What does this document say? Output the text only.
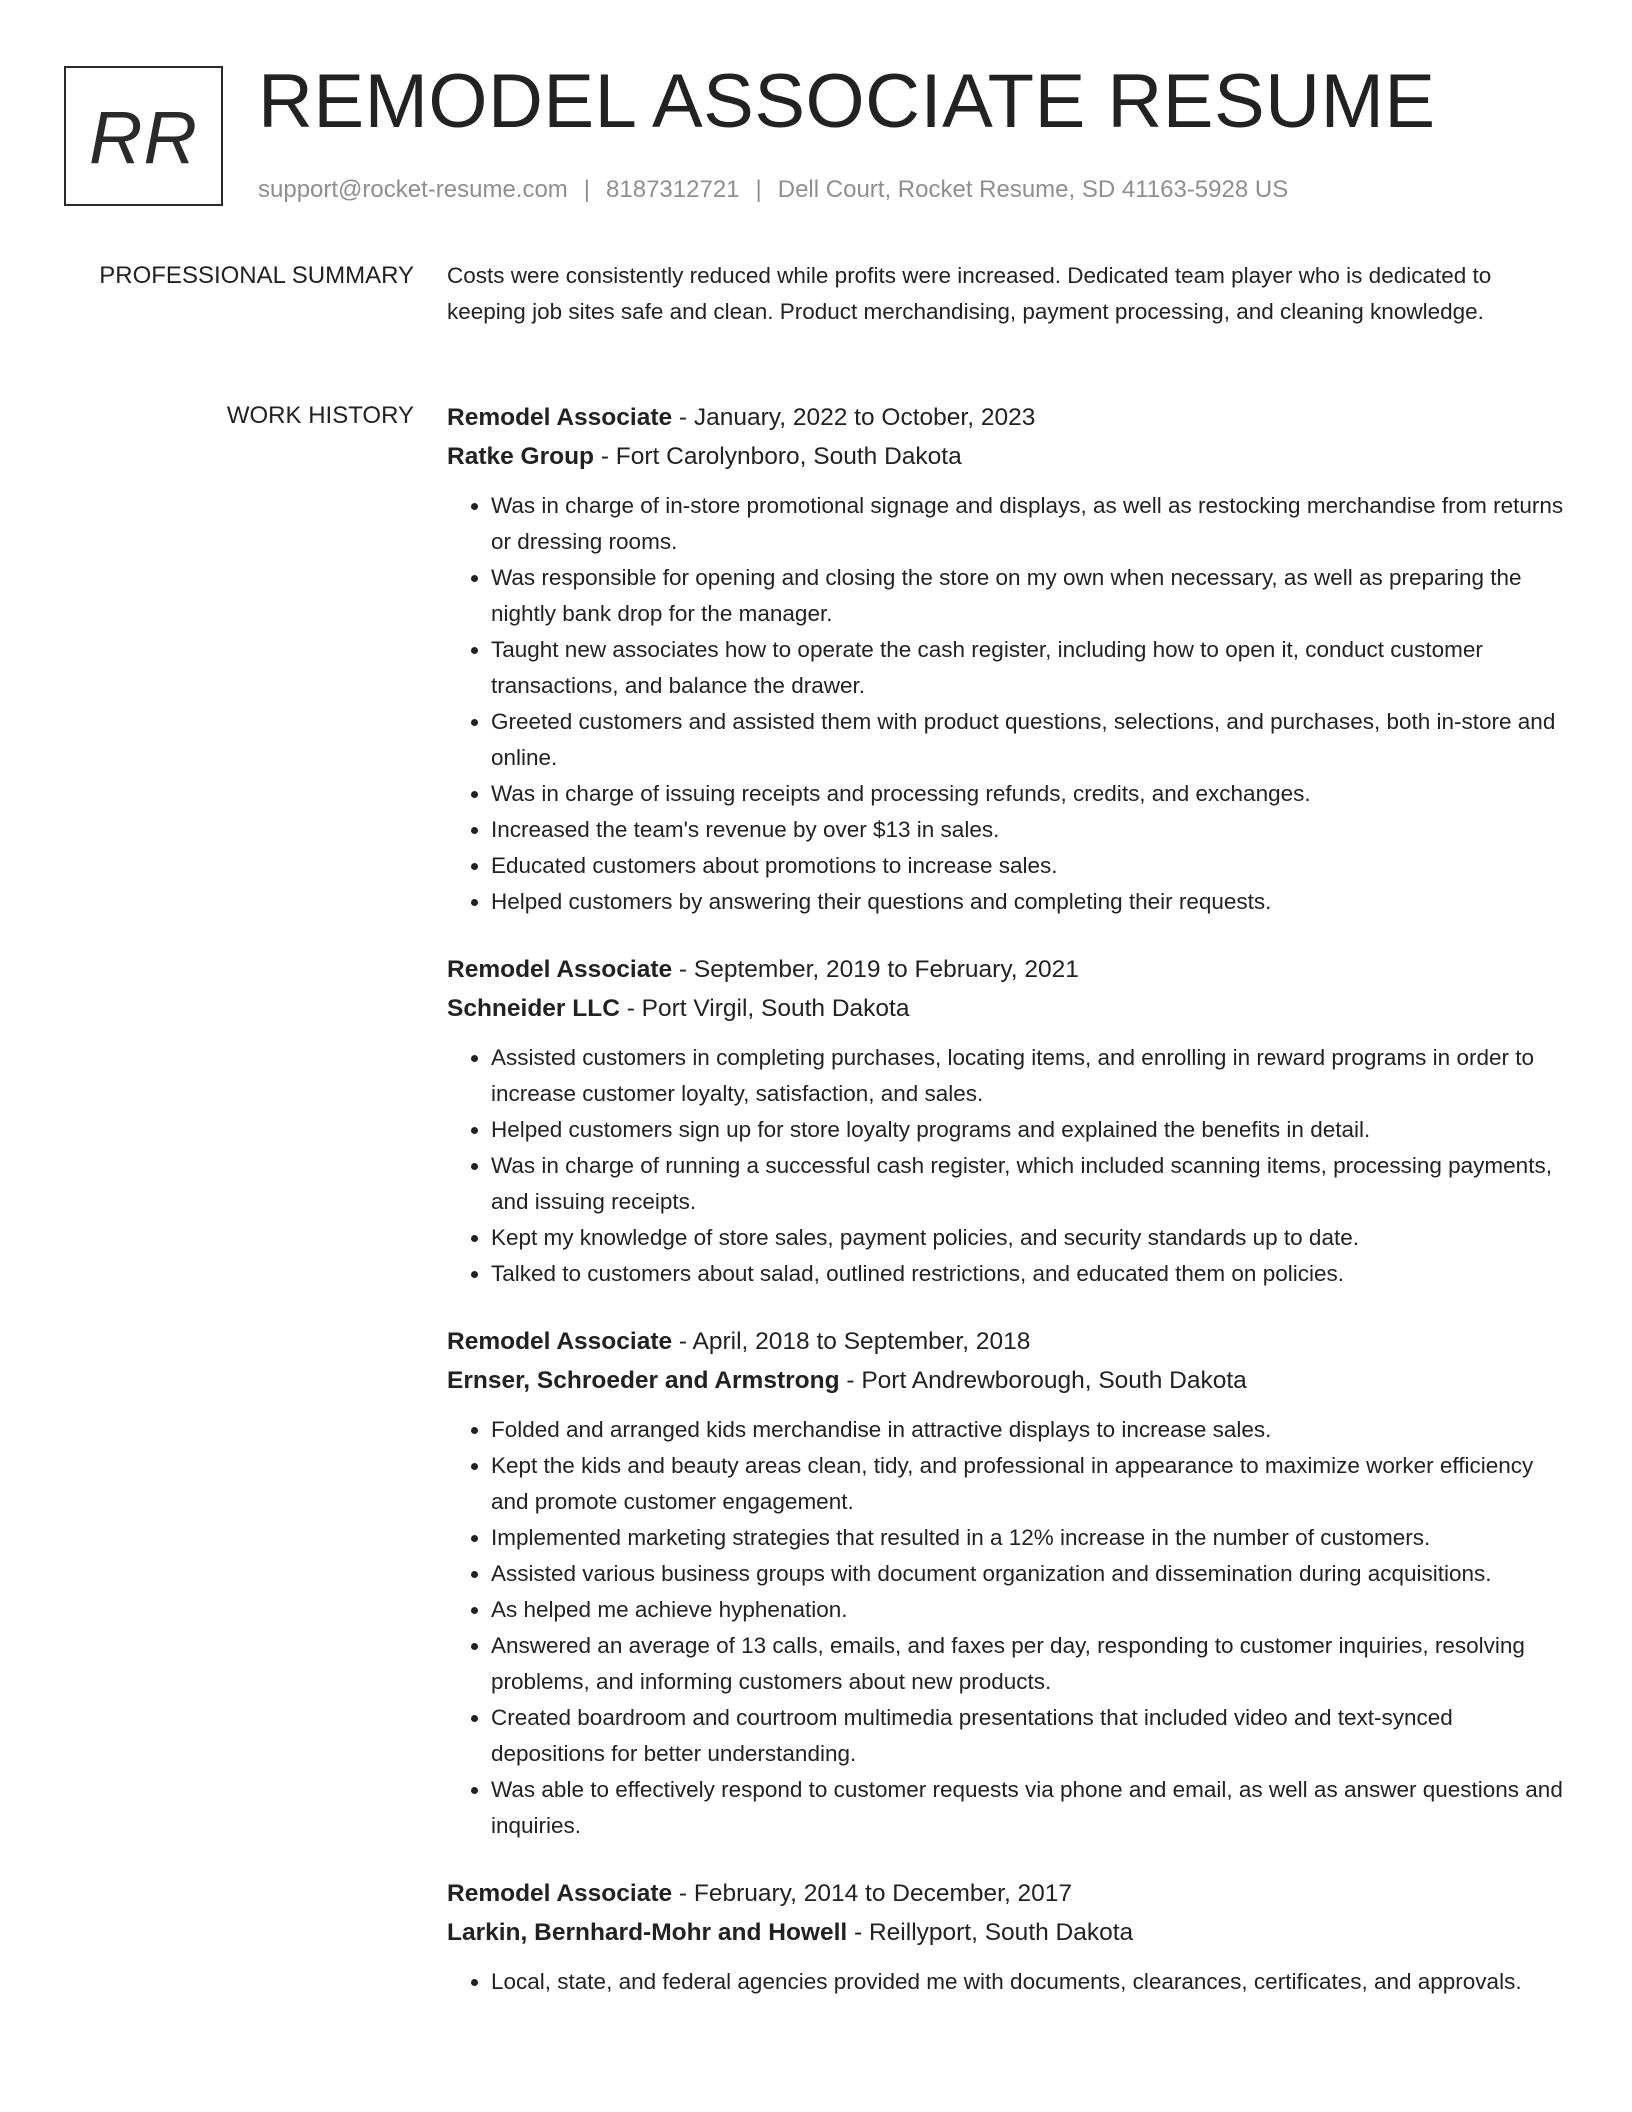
RR REMODEL ASSOCIATE RESUME
support@rocket-resume.com | 8187312721 | Dell Court, Rocket Resume, SD 41163-5928 US
PROFESSIONAL SUMMARY Costs were consistently reduced while profits were increased. Dedicated team player who is dedicated to keeping job sites safe and clean. Product merchandising, payment processing, and cleaning knowledge.

WORK HISTORY Remodel Associate - January, 2022 to October, 2023
Ratke Group - Fort Carolynboro, South Dakota
• Was in charge of in-store promotional signage and displays, as well as restocking merchandise from returns or dressing rooms.
• Was responsible for opening and closing the store on my own when necessary, as well as preparing the nightly bank drop for the manager.
• Taught new associates how to operate the cash register, including how to open it, conduct customer transactions, and balance the drawer.
• Greeted customers and assisted them with product questions, selections, and purchases, both in-store and online.
• Was in charge of issuing receipts and processing refunds, credits, and exchanges.
• Increased the team's revenue by over $13 in sales.
• Educated customers about promotions to increase sales.
• Helped customers by answering their questions and completing their requests.
Remodel Associate - September, 2019 to February, 2021
Schneider LLC - Port Virgil, South Dakota
• Assisted customers in completing purchases, locating items, and enrolling in reward programs in order to increase customer loyalty, satisfaction, and sales.
• Helped customers sign up for store loyalty programs and explained the benefits in detail.
• Was in charge of running a successful cash register, which included scanning items, processing payments, and issuing receipts.
• Kept my knowledge of store sales, payment policies, and security standards up to date.
• Talked to customers about salad, outlined restrictions, and educated them on policies.
Remodel Associate - April, 2018 to September, 2018
Ernser, Schroeder and Armstrong - Port Andrewborough, South Dakota
• Folded and arranged kids merchandise in attractive displays to increase sales.
• Kept the kids and beauty areas clean, tidy, and professional in appearance to maximize worker efficiency and promote customer engagement.
• Implemented marketing strategies that resulted in a 12% increase in the number of customers.
• Assisted various business groups with document organization and dissemination during acquisitions.
• As helped me achieve hyphenation.
• Answered an average of 13 calls, emails, and faxes per day, responding to customer inquiries, resolving problems, and informing customers about new products.
• Created boardroom and courtroom multimedia presentations that included video and text-synced depositions for better understanding.
• Was able to effectively respond to customer requests via phone and email, as well as answer questions and inquiries.
Remodel Associate - February, 2014 to December, 2017
Larkin, Bernhard-Mohr and Howell - Reillyport, South Dakota
• Local, state, and federal agencies provided me with documents, clearances, certificates, and approvals.
